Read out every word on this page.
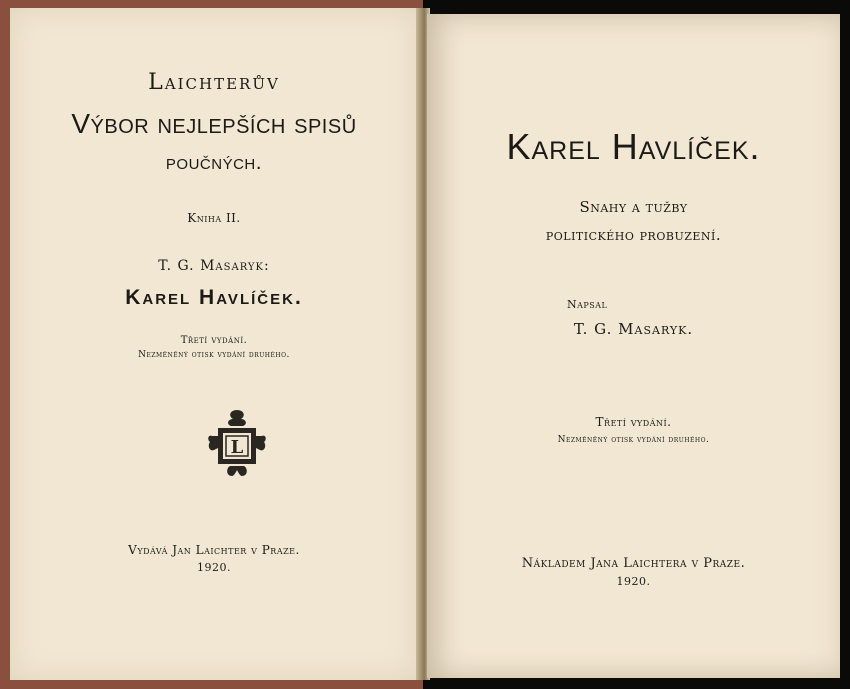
Laichterův
Výbor nejlepších spisů
poučných.
Kniha II.
T. G. Masaryk:
Karel Havlíček.
Třetí vydání.
Nezměněný otisk vydání druhého.
L
Vydává Jan Laichter v Praze.
1920.
Karel Havlíček.
Snahy a tužby
politického probuzení.
Napsal
T. G. Masaryk.
Třetí vydání.
Nezměněný otisk vydání druhého.
Nákladem Jana Laichtera v Praze.
1920.
